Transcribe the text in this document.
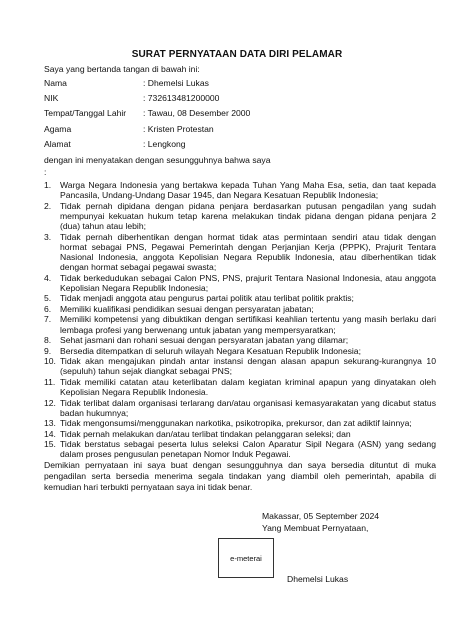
SURAT PERNYATAAN DATA DIRI PELAMAR
Saya yang bertanda tangan di bawah ini:
Nama	: Dhemelsi Lukas
NIK	: 732613481200000
Tempat/Tanggal Lahir : Tawau, 08 Desember 2000
Agama	: Kristen Protestan
Alamat	: Lengkong
dengan ini menyatakan dengan sesungguhnya bahwa saya
:
1. Warga Negara Indonesia yang bertakwa kepada Tuhan Yang Maha Esa, setia, dan taat kepada Pancasila, Undang-Undang Dasar 1945, dan Negara Kesatuan Republik Indonesia;
2. Tidak pernah dipidana dengan pidana penjara berdasarkan putusan pengadilan yang sudah mempunyai kekuatan hukum tetap karena melakukan tindak pidana dengan pidana penjara 2 (dua) tahun atau lebih;
3. Tidak pernah diberhentikan dengan hormat tidak atas permintaan sendiri atau tidak dengan hormat sebagai PNS, Pegawai Pemerintah dengan Perjanjian Kerja (PPPK), Prajurit Tentara Nasional Indonesia, anggota Kepolisian Negara Republik Indonesia, atau diberhentikan tidak dengan hormat sebagai pegawai swasta;
4. Tidak berkedudukan sebagai Calon PNS, PNS, prajurit Tentara Nasional Indonesia, atau anggota Kepolisian Negara Republik Indonesia;
5. Tidak menjadi anggota atau pengurus partai politik atau terlibat politik praktis;
6. Memiliki kualifikasi pendidikan sesuai dengan persyaratan jabatan;
7. Memiliki kompetensi yang dibuktikan dengan sertifikasi keahlian tertentu yang masih berlaku dari lembaga profesi yang berwenang untuk jabatan yang mempersyaratkan;
8. Sehat jasmani dan rohani sesuai dengan persyaratan jabatan yang dilamar;
9. Bersedia ditempatkan di seluruh wilayah Negara Kesatuan Republik Indonesia;
10. Tidak akan mengajukan pindah antar instansi dengan alasan apapun sekurang-kurangnya 10 (sepuluh) tahun sejak diangkat sebagai PNS;
11. Tidak memiliki catatan atau keterlibatan dalam kegiatan kriminal apapun yang dinyatakan oleh Kepolisian Negara Republik Indonesia.
12. Tidak terlibat dalam organisasi terlarang dan/atau organisasi kemasyarakatan yang dicabut status badan hukumnya;
13. Tidak mengonsumsi/menggunakan narkotika, psikotropika, prekursor, dan zat adiktif lainnya;
14. Tidak pernah melakukan dan/atau terlibat tindakan pelanggaran seleksi; dan
15. Tidak berstatus sebagai peserta lulus seleksi Calon Aparatur Sipil Negara (ASN) yang sedang dalam proses pengusulan penetapan Nomor Induk Pegawai.
Demikian pernyataan ini saya buat dengan sesungguhnya dan saya bersedia dituntut di muka pengadilan serta bersedia menerima segala tindakan yang diambil oleh pemerintah, apabila di kemudian hari terbukti pernyataan saya ini tidak benar.
Makassar, 05 September 2024
Yang Membuat Pernyataan,
e-meterai
Dhemelsi Lukas
